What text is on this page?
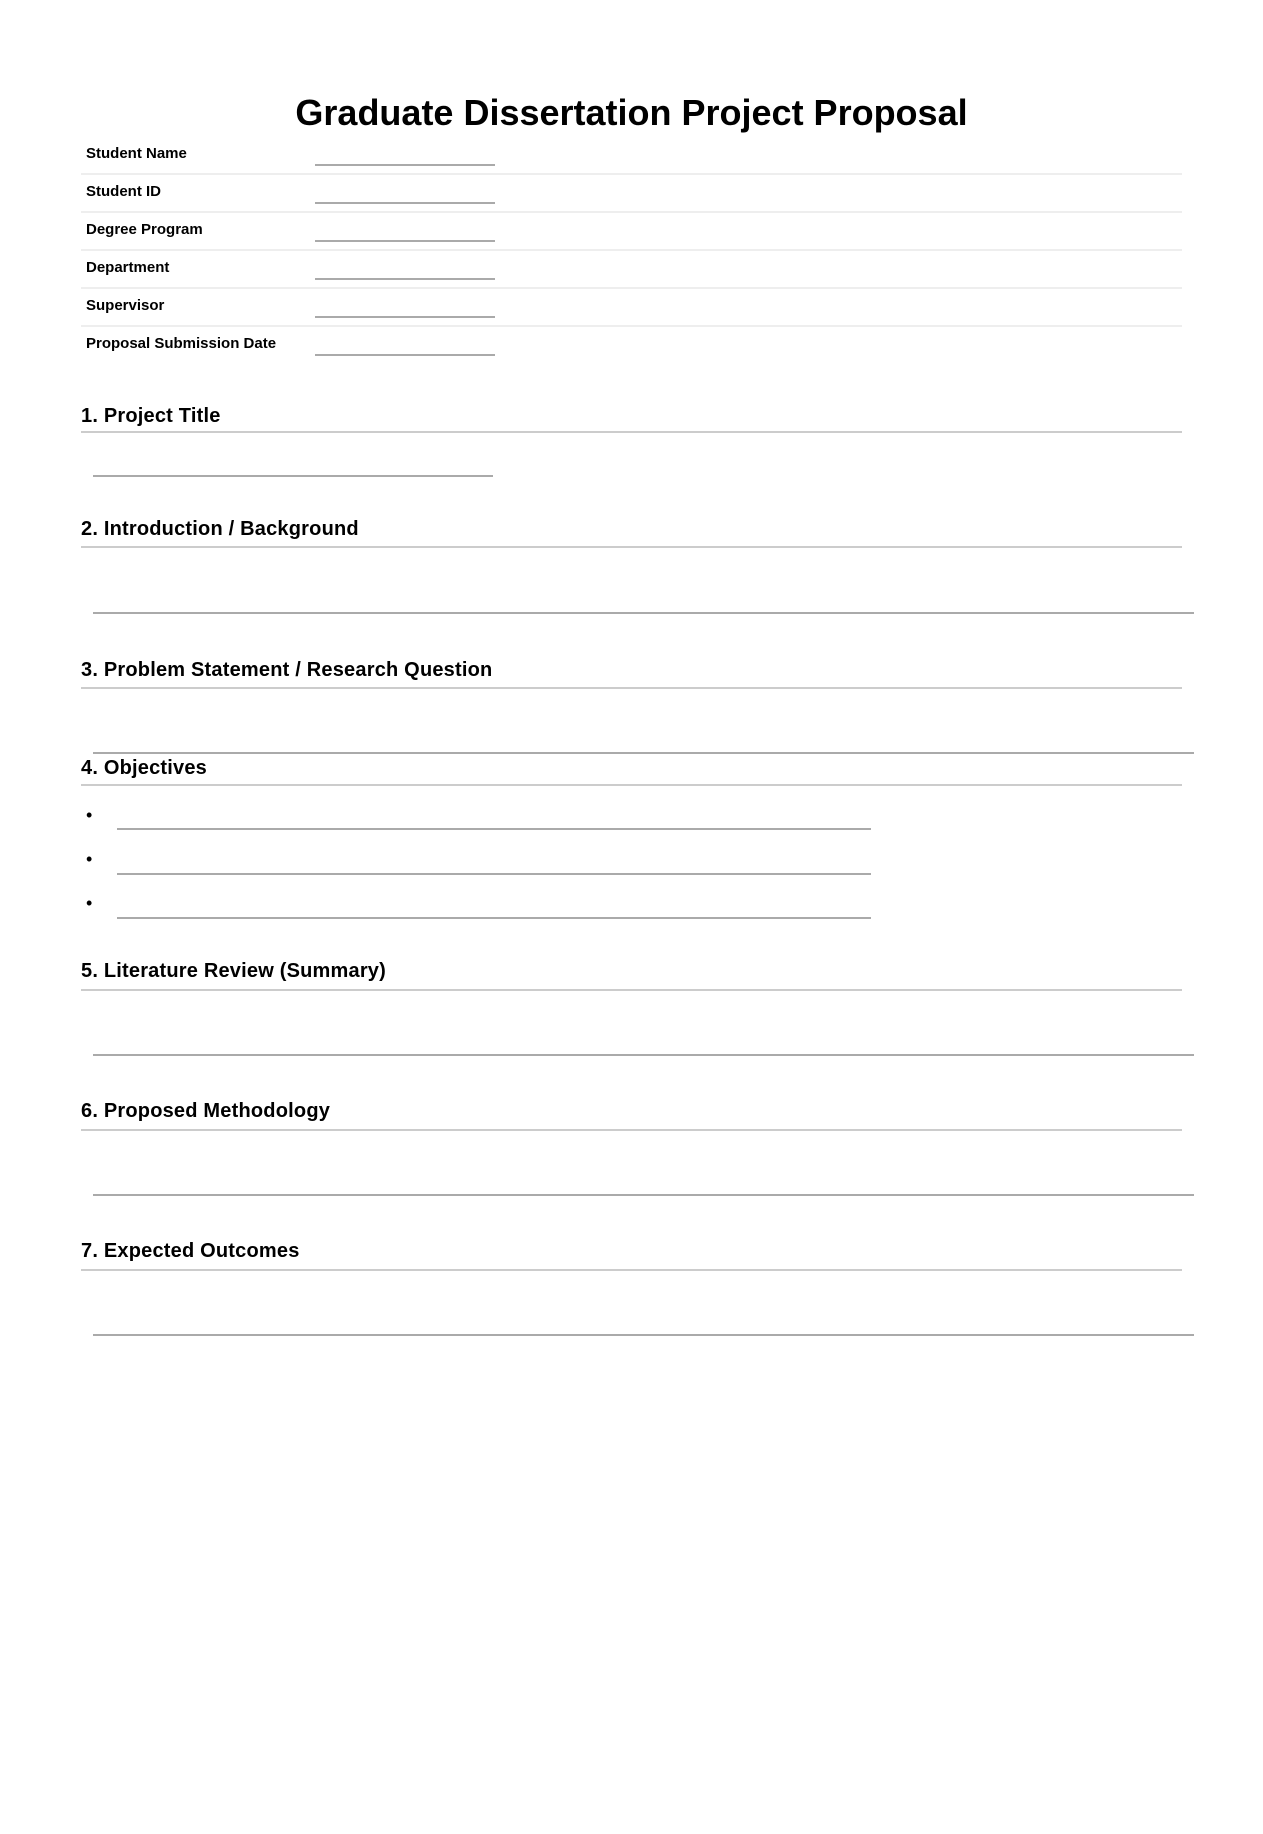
Graduate Dissertation Project Proposal
Student Name
Student ID
Degree Program
Department
Supervisor
Proposal Submission Date
1. Project Title
2. Introduction / Background
3. Problem Statement / Research Question
4. Objectives
•
•
•
5. Literature Review (Summary)
6. Proposed Methodology
7. Expected Outcomes
